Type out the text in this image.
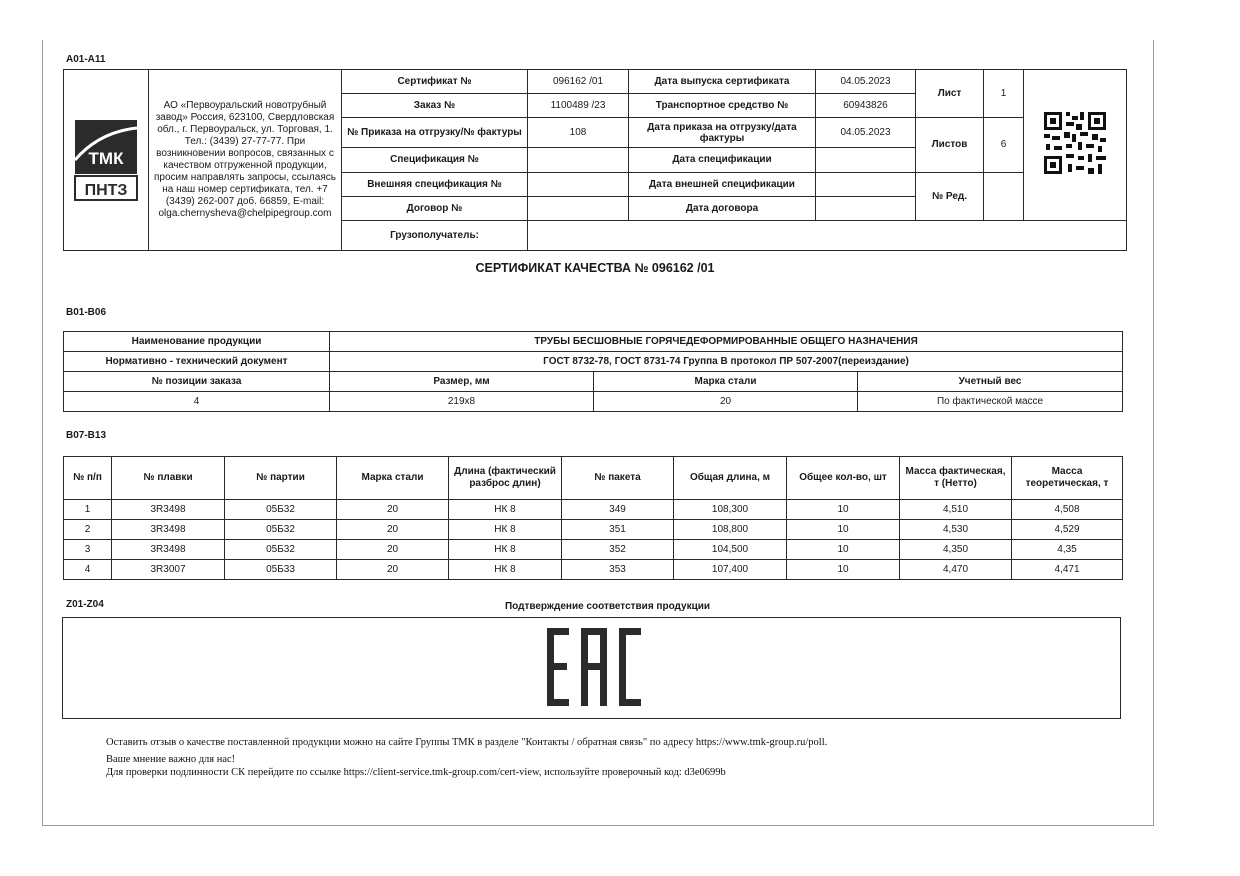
A01-A11
ТМК
ПНТЗ	АО «Первоуральский новотрубный завод» Россия, 623100, Свердловская обл., г. Первоуральск, ул. Торговая, 1. Тел.: (3439) 27-77-77. При возникновении вопросов, связанных с качеством отгруженной продукции, просим направлять запросы, ссылаясь на наш номер сертификата, тел. +7 (3439) 262-007 доб. 66859, E-mail: olga.chernysheva@chelpipegroup.com	Сертификат №	096162 /01	Дата выпуска сертификата	04.05.2023	Лист	1	
		Заказ №	1100489 /23	Транспортное средство №	60943826			
		№ Приказа на отгрузку/№ фактуры	108	Дата приказа на отгрузку/дата фактуры	04.05.2023	Листов	6	
		Спецификация №		Дата спецификации				
		Внешняя спецификация №		Дата внешней спецификации		№ Ред.		
		Договор №		Дата договора				
		Грузополучатель:						
СЕРТИФИКАТ КАЧЕСТВА № 096162 /01
B01-B06
Наименование продукции	ТРУБЫ БЕСШОВНЫЕ ГОРЯЧЕДЕФОРМИРОВАННЫЕ ОБЩЕГО НАЗНАЧЕНИЯ		
Нормативно - технический документ	ГОСТ 8732-78, ГОСТ 8731-74 Группа В протокол ПР 507-2007(переиздание)		
№ позиции заказа	Размер, мм	Марка стали	Учетный вес
4	219x8	20	По фактической массе
B07-B13
№ п/п	№ плавки	№ партии	Марка стали	Длина (фактический разброс длин)	№ пакета	Общая длина, м	Общее кол-во, шт	Масса фактическая, т (Нетто)	Масса теоретическая, т
1	3R3498	05Б32	20	НК 8	349	108,300	10	4,510	4,508
2	3R3498	05Б32	20	НК 8	351	108,800	10	4,530	4,529
3	3R3498	05Б32	20	НК 8	352	104,500	10	4,350	4,35
4	3R3007	05Б33	20	НК 8	353	107,400	10	4,470	4,471
Z01-Z04	Подтверждение соответствия продукции
Оставить отзыв о качестве поставленной продукции можно на сайте Группы ТМК в разделе "Контакты / обратная связь" по адресу https://www.tmk-group.ru/poll.
Ваше мнение важно для нас!
Для проверки подлинности СК перейдите по ссылке https://client-service.tmk-group.com/cert-view, используйте проверочный код: d3e0699b
